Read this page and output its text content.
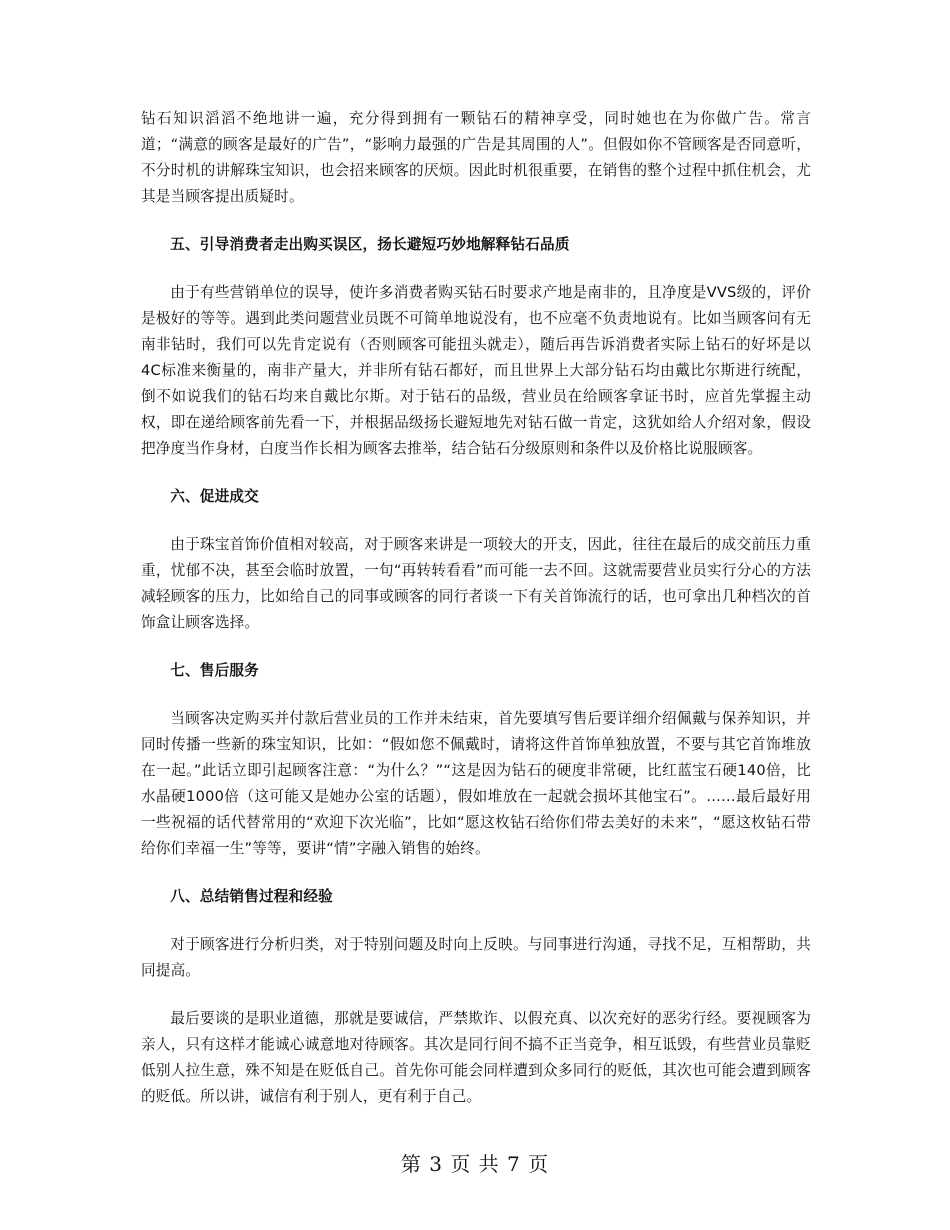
钻石知识滔滔不绝地讲一遍，充分得到拥有一颗钻石的精神享受，同时她也在为你做广告。常言道；“满意的顾客是最好的广告”，“影响力最强的广告是其周围的人”。但假如你不管顾客是否同意听，不分时机的讲解珠宝知识，也会招来顾客的厌烦。因此时机很重要，在销售的整个过程中抓住机会，尤其是当顾客提出质疑时。

五、引导消费者走出购买误区，扬长避短巧妙地解释钻石品质

由于有些营销单位的误导，使许多消费者购买钻石时要求产地是南非的，且净度是VVS级的，评价是极好的等等。遇到此类问题营业员既不可简单地说没有，也不应毫不负责地说有。比如当顾客问有无南非钻时，我们可以先肯定说有（否则顾客可能扭头就走），随后再告诉消费者实际上钻石的好坏是以4C标准来衡量的，南非产量大，并非所有钻石都好，而且世界上大部分钻石均由戴比尔斯进行统配，倒不如说我们的钻石均来自戴比尔斯。对于钻石的品级，营业员在给顾客拿证书时，应首先掌握主动权，即在递给顾客前先看一下，并根据品级扬长避短地先对钻石做一肯定，这犹如给人介绍对象，假设把净度当作身材，白度当作长相为顾客去推举，结合钻石分级原则和条件以及价格比说服顾客。

六、促进成交

由于珠宝首饰价值相对较高，对于顾客来讲是一项较大的开支，因此，往往在最后的成交前压力重重，忧郁不决，甚至会临时放置，一句“再转转看看”而可能一去不回。这就需要营业员实行分心的方法减轻顾客的压力，比如给自己的同事或顾客的同行者谈一下有关首饰流行的话，也可拿出几种档次的首饰盒让顾客选择。

七、售后服务

当顾客决定购买并付款后营业员的工作并未结束，首先要填写售后要详细介绍佩戴与保养知识，并同时传播一些新的珠宝知识，比如：“假如您不佩戴时，请将这件首饰单独放置，不要与其它首饰堆放在一起。”此话立即引起顾客注意：“为什么？”“这是因为钻石的硬度非常硬，比红蓝宝石硬140倍，比水晶硬1000倍（这可能又是她办公室的话题），假如堆放在一起就会损坏其他宝石”。……最后最好用一些祝福的话代替常用的“欢迎下次光临”，比如“愿这枚钻石给你们带去美好的未来”，“愿这枚钻石带给你们幸福一生”等等，要讲“情”字融入销售的始终。

八、总结销售过程和经验

对于顾客进行分析归类，对于特别问题及时向上反映。与同事进行沟通，寻找不足，互相帮助，共同提高。

最后要谈的是职业道德，那就是要诚信，严禁欺诈、以假充真、以次充好的恶劣行经。要视顾客为亲人，只有这样才能诚心诚意地对待顾客。其次是同行间不搞不正当竞争，相互诋毁，有些营业员靠贬低别人拉生意，殊不知是在贬低自己。首先你可能会同样遭到众多同行的贬低，其次也可能会遭到顾客的贬低。所以讲，诚信有利于别人，更有利于自己。

第 3 页 共 7 页
